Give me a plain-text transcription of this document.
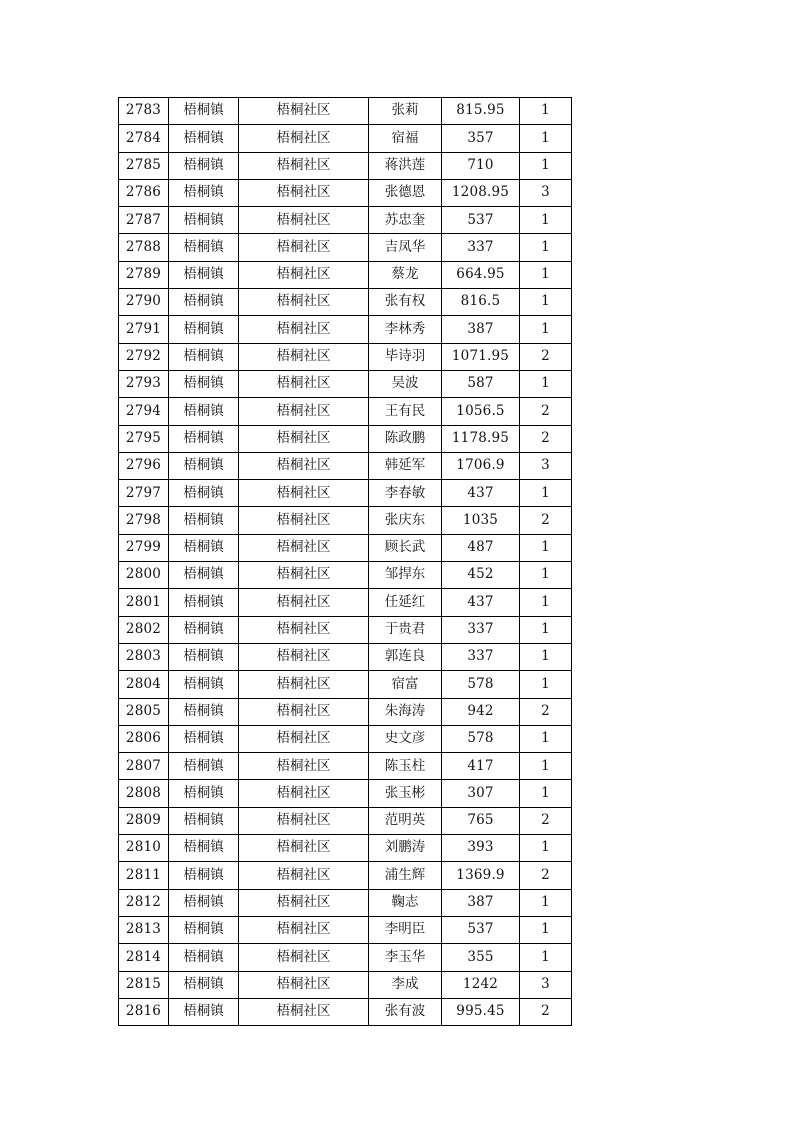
2783	梧桐镇	梧桐社区	张莉	815.95	1
2784	梧桐镇	梧桐社区	宿福	357	1
2785	梧桐镇	梧桐社区	蒋洪莲	710	1
2786	梧桐镇	梧桐社区	张德恩	1208.95	3
2787	梧桐镇	梧桐社区	苏忠奎	537	1
2788	梧桐镇	梧桐社区	吉凤华	337	1
2789	梧桐镇	梧桐社区	蔡龙	664.95	1
2790	梧桐镇	梧桐社区	张有权	816.5	1
2791	梧桐镇	梧桐社区	李林秀	387	1
2792	梧桐镇	梧桐社区	毕诗羽	1071.95	2
2793	梧桐镇	梧桐社区	吴波	587	1
2794	梧桐镇	梧桐社区	王有民	1056.5	2
2795	梧桐镇	梧桐社区	陈政鹏	1178.95	2
2796	梧桐镇	梧桐社区	韩延军	1706.9	3
2797	梧桐镇	梧桐社区	李春敏	437	1
2798	梧桐镇	梧桐社区	张庆东	1035	2
2799	梧桐镇	梧桐社区	顾长武	487	1
2800	梧桐镇	梧桐社区	邹捍东	452	1
2801	梧桐镇	梧桐社区	任延红	437	1
2802	梧桐镇	梧桐社区	于贵君	337	1
2803	梧桐镇	梧桐社区	郭连良	337	1
2804	梧桐镇	梧桐社区	宿富	578	1
2805	梧桐镇	梧桐社区	朱海涛	942	2
2806	梧桐镇	梧桐社区	史文彦	578	1
2807	梧桐镇	梧桐社区	陈玉柱	417	1
2808	梧桐镇	梧桐社区	张玉彬	307	1
2809	梧桐镇	梧桐社区	范明英	765	2
2810	梧桐镇	梧桐社区	刘鹏涛	393	1
2811	梧桐镇	梧桐社区	浦生辉	1369.9	2
2812	梧桐镇	梧桐社区	鞠志	387	1
2813	梧桐镇	梧桐社区	李明臣	537	1
2814	梧桐镇	梧桐社区	李玉华	355	1
2815	梧桐镇	梧桐社区	李成	1242	3
2816	梧桐镇	梧桐社区	张有波	995.45	2
